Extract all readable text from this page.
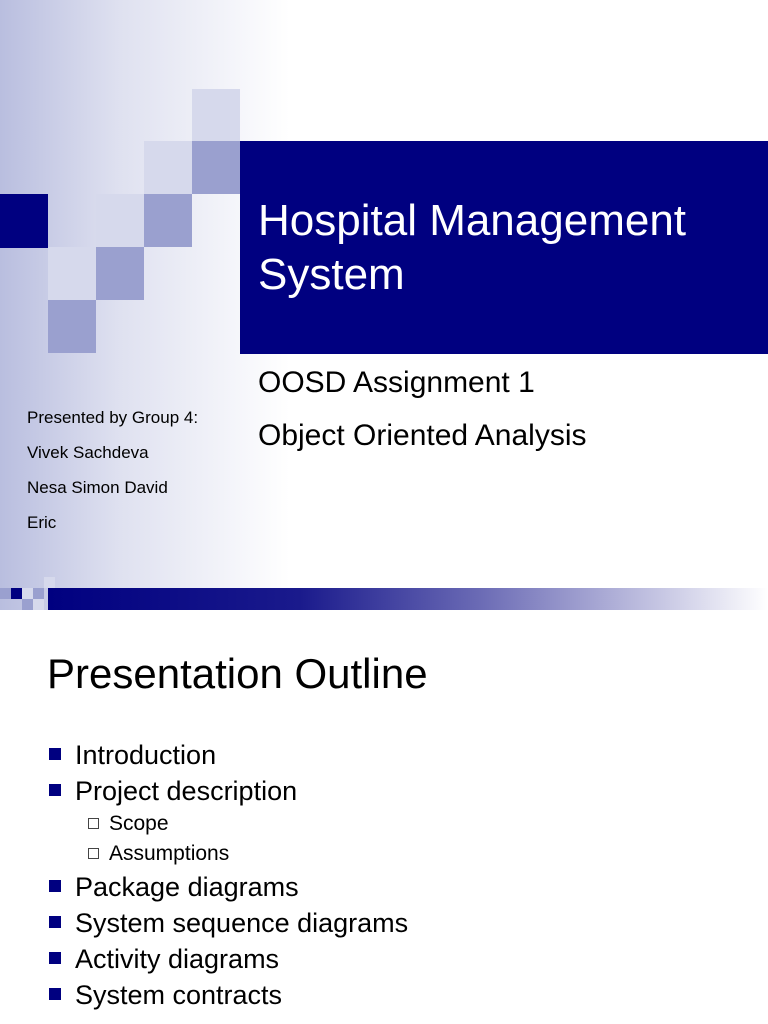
Hospital Management
System
OOSD Assignment 1
Object Oriented Analysis
Presented by Group 4:
Vivek Sachdeva
Nesa Simon David
Eric
Presentation Outline
Introduction
Project description
Scope
Assumptions
Package diagrams
System sequence diagrams
Activity diagrams
System contracts
